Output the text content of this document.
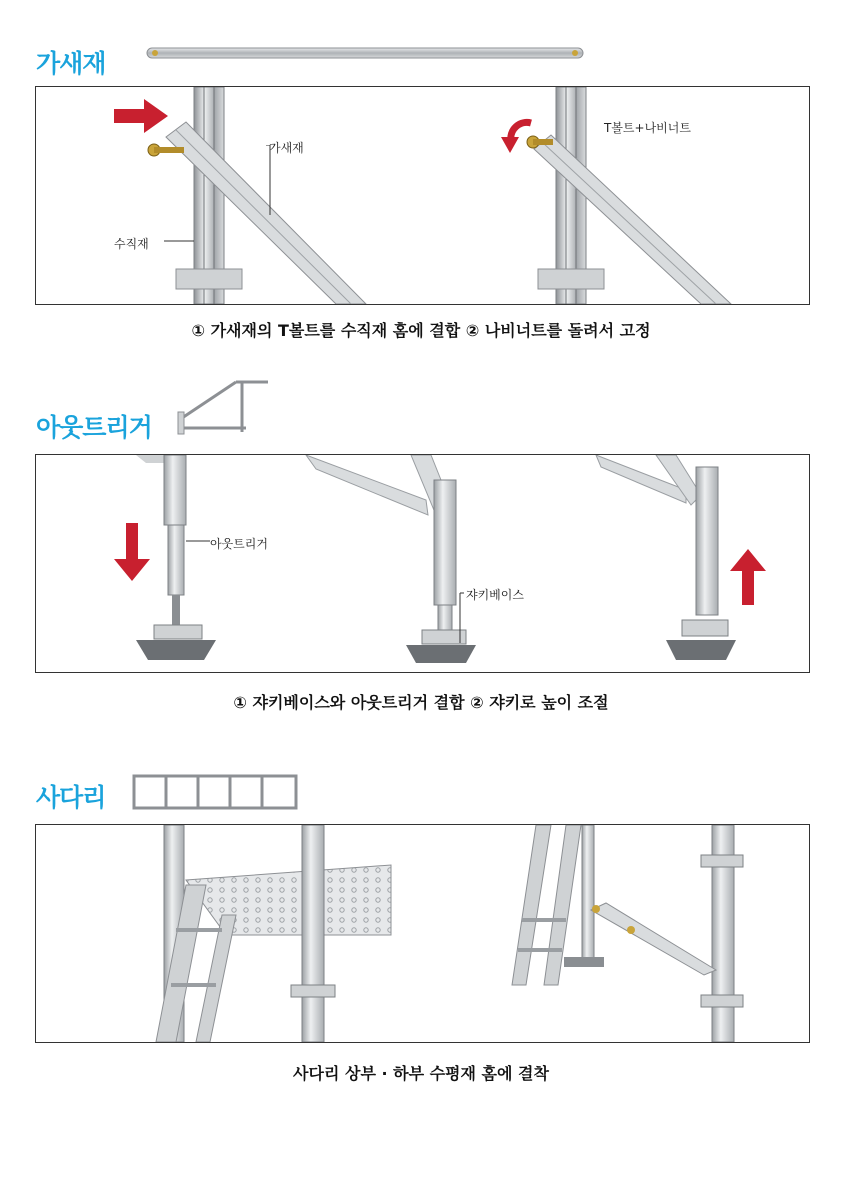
가새재
가새재
수직재
T볼트+나비너트
① 가새재의 T볼트를 수직재 홈에 결합 ② 나비너트를 돌려서 고정
아웃트리거
아웃트리거
쟈키베이스
① 쟈키베이스와 아웃트리거 결합 ② 쟈키로 높이 조절
사다리
사다리 상부 · 하부 수평재 홈에 결착
